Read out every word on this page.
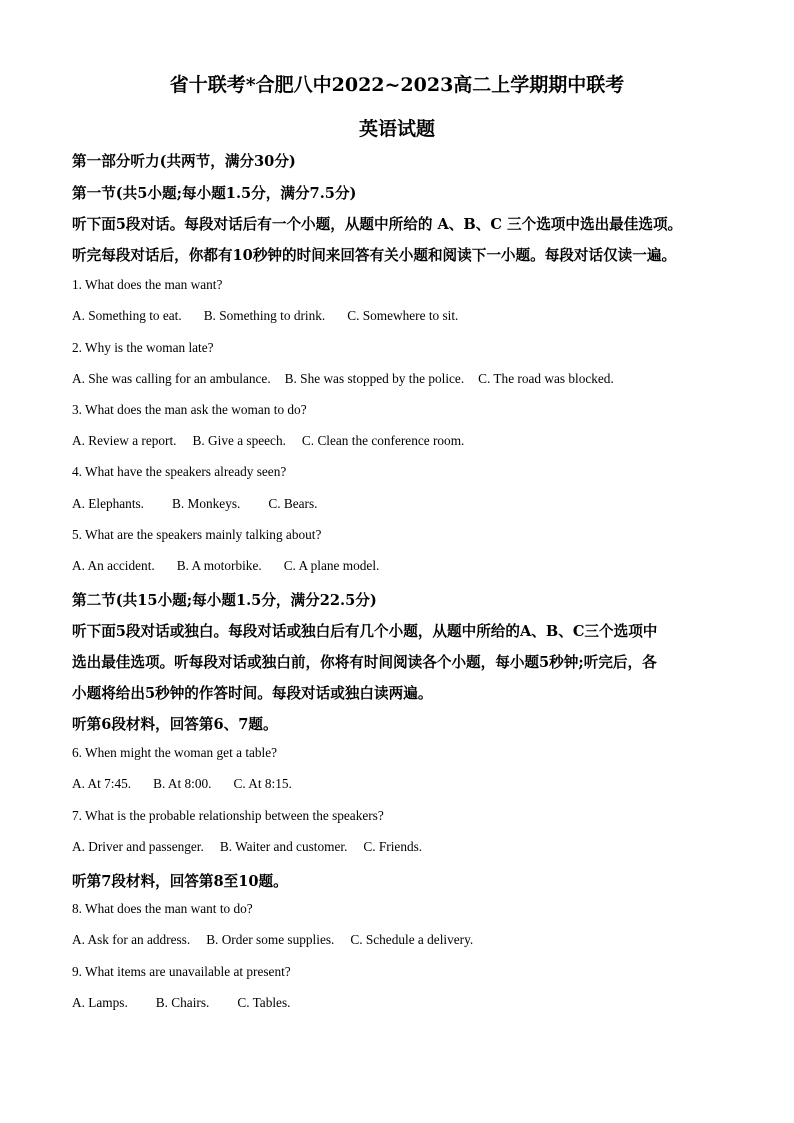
省十联考*合肥八中2022~2023高二上学期期中联考
英语试题
第一部分听力(共两节，满分30分)
第一节(共5小题;每小题1.5分，满分7.5分)
听下面5段对话。每段对话后有一个小题，从题中所给的 A、B、C 三个选项中选出最佳选项。
听完每段对话后，你都有10秒钟的时间来回答有关小题和阅读下一小题。每段对话仅读一遍。
1. What does the man want?
A. Something to eat. B. Something to drink. C. Somewhere to sit.
2. Why is the woman late?
A. She was calling for an ambulance. B. She was stopped by the police. C. The road was blocked.
3. What does the man ask the woman to do?
A. Review a report. B. Give a speech. C. Clean the conference room.
4. What have the speakers already seen?
A. Elephants. B. Monkeys. C. Bears.
5. What are the speakers mainly talking about?
A. An accident. B. A motorbike. C. A plane model.
第二节(共15小题;每小题1.5分，满分22.5分)
听下面5段对话或独白。每段对话或独白后有几个小题，从题中所给的A、B、C三个选项中
选出最佳选项。听每段对话或独白前，你将有时间阅读各个小题，每小题5秒钟;听完后，各
小题将给出5秒钟的作答时间。每段对话或独白读两遍。
听第6段材料，回答第6、7题。
6. When might the woman get a table?
A. At 7:45. B. At 8:00. C. At 8:15.
7. What is the probable relationship between the speakers?
A. Driver and passenger. B. Waiter and customer. C. Friends.
听第7段材料，回答第8至10题。
8. What does the man want to do?
A. Ask for an address. B. Order some supplies. C. Schedule a delivery.
9. What items are unavailable at present?
A. Lamps. B. Chairs. C. Tables.
